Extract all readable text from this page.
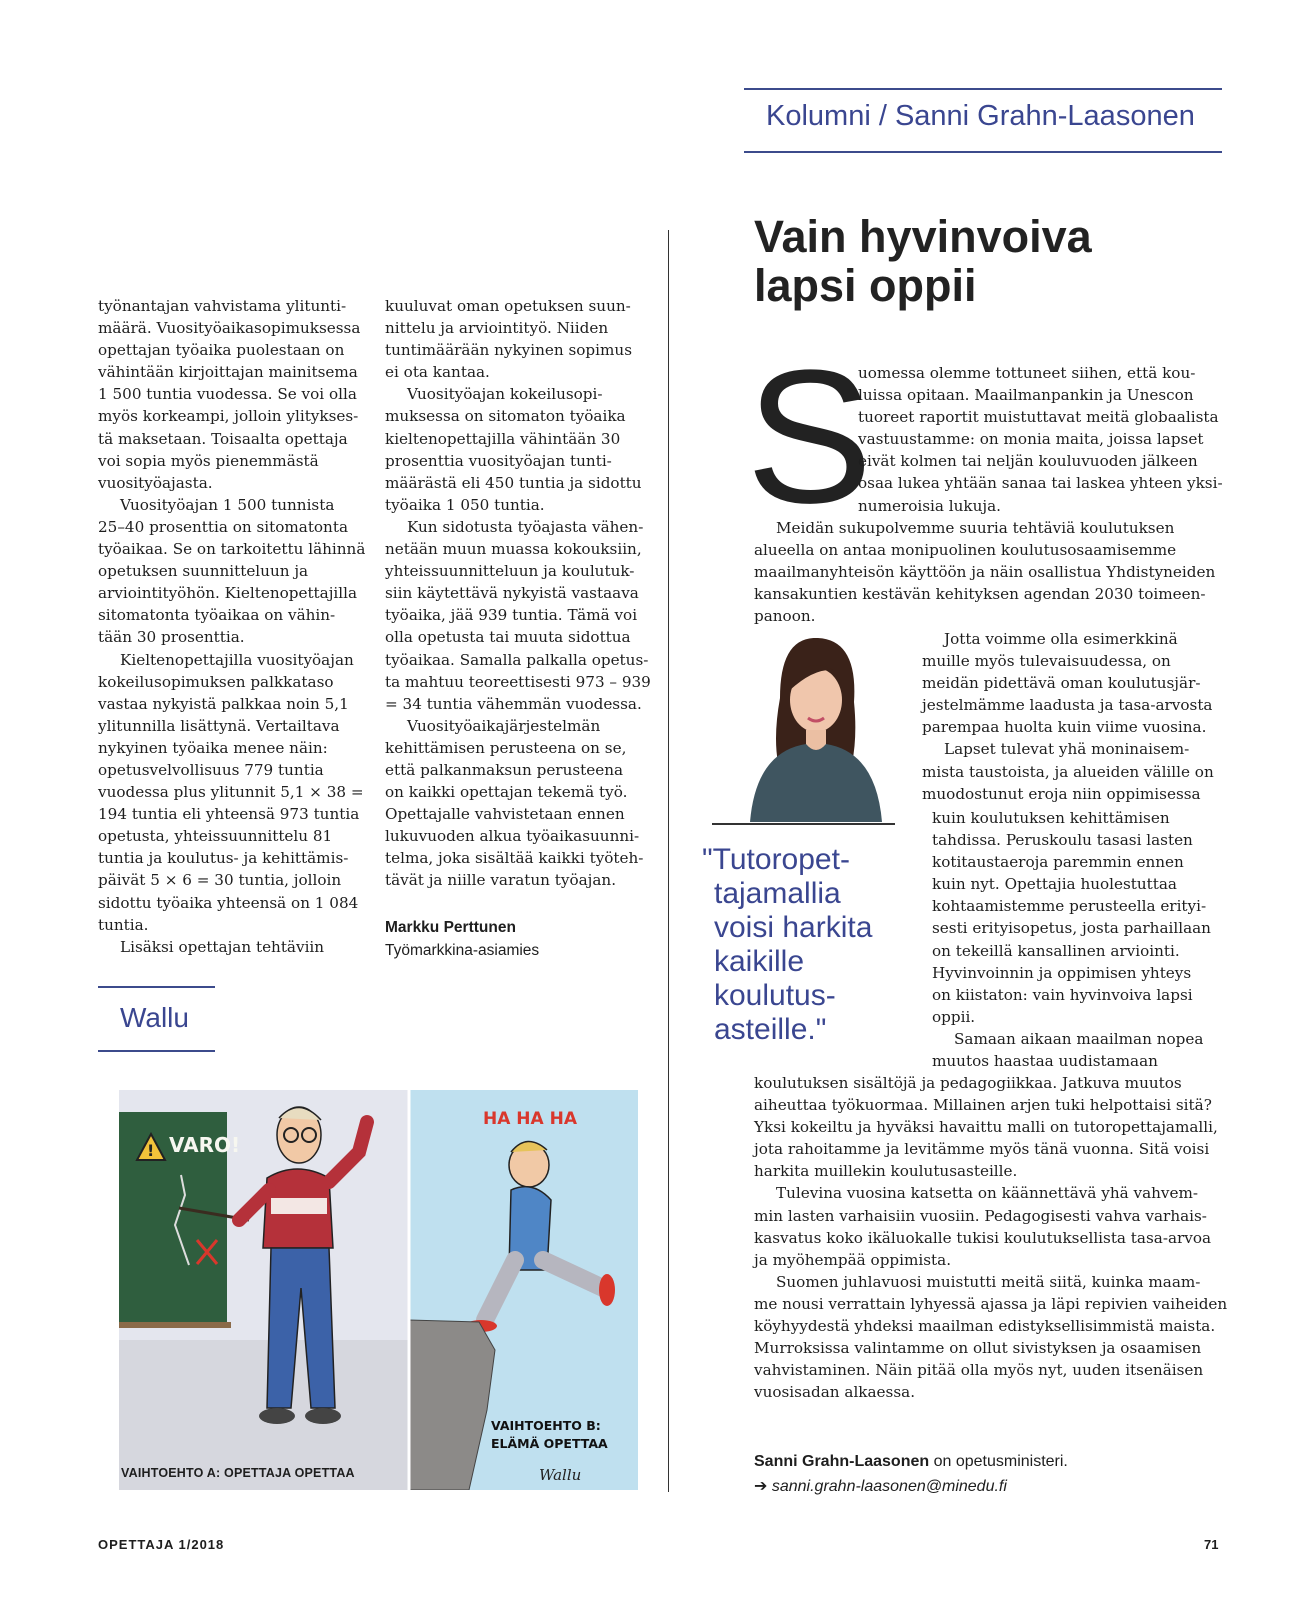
Kolumni / Sanni Grahn-Laasonen

työnantajan vahvistama ylitunti-

määrä. Vuosityöaikasopimuksessa

opettajan työaika puolestaan on

vähintään kirjoittajan mainitsema

1 500 tuntia vuodessa. Se voi olla

myös korkeampi, jolloin ylitykses-

tä maksetaan. Toisaalta opettaja

voi sopia myös pienemmästä

vuosityöajasta.

Vuosityöajan 1 500 tunnista

25–40 prosenttia on sitomatonta

työaikaa. Se on tarkoitettu lähinnä

opetuksen suunnitteluun ja

arviointityöhön. Kieltenopettajilla

sitomatonta työaikaa on vähin-

tään 30 prosenttia.

Kieltenopettajilla vuosityöajan

kokeilusopimuksen palkkataso

vastaa nykyistä palkkaa noin 5,1

ylitunnilla lisättynä. Vertailtava

nykyinen työaika menee näin:

opetusvelvollisuus 779 tuntia

vuodessa plus ylitunnit 5,1 × 38 =

194 tuntia eli yhteensä 973 tuntia

opetusta, yhteissuunnittelu 81

tuntia ja koulutus- ja kehittämis-

päivät 5 × 6 = 30 tuntia, jolloin

sidottu työaika yhteensä on 1 084

tuntia.

Lisäksi opettajan tehtäviin

kuuluvat oman opetuksen suun-

nittelu ja arviointityö. Niiden

tuntimäärään nykyinen sopimus

ei ota kantaa.

Vuosityöajan kokeilusopi-

muksessa on sitomaton työaika

kieltenopettajilla vähintään 30

prosenttia vuosityöajan tunti-

määrästä eli 450 tuntia ja sidottu

työaika 1 050 tuntia.

Kun sidotusta työajasta vähen-

netään muun muassa kokouksiin,

yhteissuunnitteluun ja koulutuk-

siin käytettävä nykyistä vastaava

työaika, jää 939 tuntia. Tämä voi

olla opetusta tai muuta sidottua

työaikaa. Samalla palkalla opetus-

ta mahtuu teoreettisesti 973 – 939

= 34 tuntia vähemmän vuodessa.

Vuosityöaikajärjestelmän

kehittämisen perusteena on se,

että palkanmaksun perusteena

on kaikki opettajan tekemä työ.

Opettajalle vahvistetaan ennen

lukuvuoden alkua työaikasuunni-

telma, joka sisältää kaikki työteh-

tävät ja niille varatun työajan.

Markku Perttunen
Työmarkkina-asiamies
Wallu
! VARO!
HA HA HA
VAIHTOEHTO B:
ELÄMÄ OPETTAA
Wallu
VAIHTOEHTO A: OPETTAJA OPETTAA
Vain hyvinvoiva
lapsi oppii
S

uomessa olemme tottuneet siihen, että kou-

luissa opitaan. Maailmanpankin ja Unescon

tuoreet raportit muistuttavat meitä globaalista

vastuustamme: on monia maita, joissa lapset

eivät kolmen tai neljän kouluvuoden jälkeen

osaa lukea yhtään sanaa tai laskea yhteen yksi-

numeroisia lukuja.

Meidän sukupolvemme suuria tehtäviä koulutuksen

alueella on antaa monipuolinen koulutusosaamisemme

maailmanyhteisön käyttöön ja näin osallistua Yhdistyneiden

kansakuntien kestävän kehityksen agendan 2030 toimeen-

panoon.

"Tutoropet-
tajamallia
voisi harkita
kaikille
koulutus-
asteille."

Jotta voimme olla esimerkkinä

muille myös tulevaisuudessa, on

meidän pidettävä oman koulutusjär-

jestelmämme laadusta ja tasa-arvosta

parempaa huolta kuin viime vuosina.

Lapset tulevat yhä moninaisem-

mista taustoista, ja alueiden välille on

muodostunut eroja niin oppimisessa

kuin koulutuksen kehittämisen

tahdissa. Peruskoulu tasasi lasten

kotitaustaeroja paremmin ennen

kuin nyt. Opettajia huolestuttaa

kohtaamistemme perusteella erityi-

sesti erityisopetus, josta parhaillaan

on tekeillä kansallinen arviointi.

Hyvinvoinnin ja oppimisen yhteys

on kiistaton: vain hyvinvoiva lapsi

oppii.

Samaan aikaan maailman nopea

muutos haastaa uudistamaan

koulutuksen sisältöjä ja pedagogiikkaa. Jatkuva muutos

aiheuttaa työkuormaa. Millainen arjen tuki helpottaisi sitä?

Yksi kokeiltu ja hyväksi havaittu malli on tutoropettajamalli,

jota rahoitamme ja levitämme myös tänä vuonna. Sitä voisi

harkita muillekin koulutusasteille.

Tulevina vuosina katsetta on käännettävä yhä vahvem-

min lasten varhaisiin vuosiin. Pedagogisesti vahva varhais-

kasvatus koko ikäluokalle tukisi koulutuksellista tasa-arvoa

ja myöhempää oppimista.

Suomen juhlavuosi muistutti meitä siitä, kuinka maam-

me nousi verrattain lyhyessä ajassa ja läpi repivien vaiheiden

köyhyydestä yhdeksi maailman edistyksellisimmistä maista.

Murroksissa valintamme on ollut sivistyksen ja osaamisen

vahvistaminen. Näin pitää olla myös nyt, uuden itsenäisen

vuosisadan alkaessa.

Sanni Grahn-Laasonen on opetusministeri.
➔ sanni.grahn-laasonen@minedu.fi
OPETTAJA 1/2018	71
